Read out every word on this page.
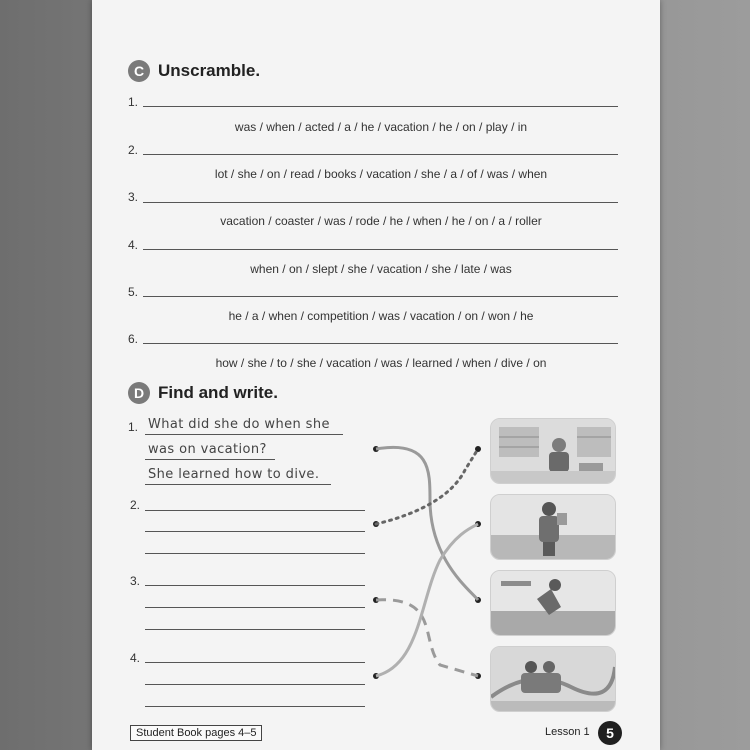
C Unscramble.
1.
was / when / acted / a / he / vacation / he / on / play / in
2.
lot / she / on / read / books / vacation / she / a / of / was / when
3.
vacation / coaster / was / rode / he / when / he / on / a / roller
4.
when / on / slept / she / vacation / she / late / was
5.
he / a / when / competition / was / vacation / on / won / he
6.
how / she / to / she / vacation / was / learned / when / dive / on
D Find and write.
1. What did she do when she
was on vacation?
She learned how to dive.
2.
3.
4.
Student Book pages 4–5	Lesson 1	5
